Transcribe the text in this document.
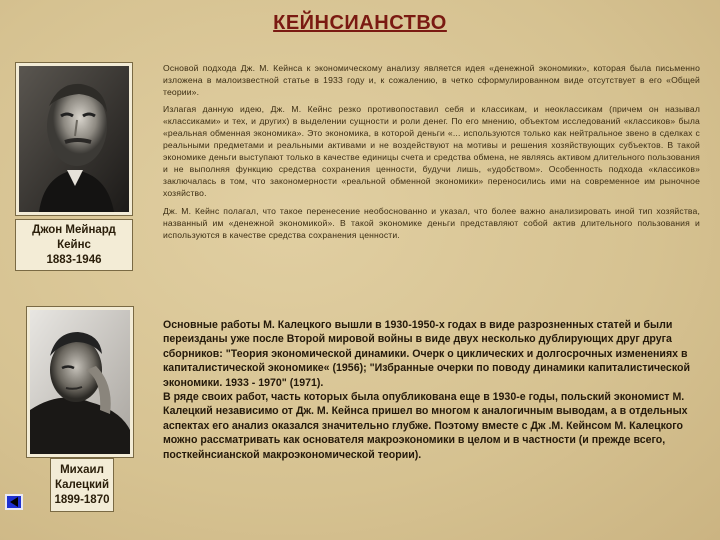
КЕЙНСИАНСТВО
Джон Мейнард
Кейнс
1883-1946

Основой подхода Дж. М. Кейнса к экономическому анализу является идея «денежной экономики», которая была письменно изложена в малоизвестной статье в 1933 году и, к сожалению, в четко сформулированном виде отсутствует в его «Общей теории».

Излагая данную идею, Дж. М. Кейнс резко противопоставил себя и классикам, и неоклассикам (причем он называл «классиками» и тех, и других) в выделении сущности и роли денег. По его мнению, объектом исследований «классиков» была «реальная обменная экономика». Это экономика, в которой деньги «... используются только как нейтральное звено в сделках с реальными предметами и реальными активами и не воздействуют на мотивы и решения хозяйствующих субъектов. В такой экономике деньги выступают только в качестве единицы счета и средства обмена, не являясь активом длительного пользования и не выполняя функцию средства сохранения ценности, будучи лишь, «удобством». Особенность подхода «классиков» заключалась в том, что закономерности «реальной обменной экономики» переносились ими на современное им рыночное хозяйство.

Дж. М. Кейнс полагал, что такое перенесение необоснованно и указал, что более важно анализировать иной тип хозяйства, названный им «денежной экономикой». В такой экономике деньги представляют собой актив длительного пользования и используются в качестве средства сохранения ценности.

Михаил
Калецкий
1899-1870

Основные работы М. Калецкого вышли в 1930-1950-х годах в виде разрозненных статей и были переизданы уже после Второй мировой войны в виде двух несколько дублирующих друг друга сборников: "Теория экономической динамики. Очерк о циклических и долгосрочных изменениях в капиталистической экономике« (1956); "Избранные очерки по поводу динамики капиталистической экономики. 1933 - 1970" (1971).

В ряде своих работ, часть которых была опубликована еще в 1930-е годы, польский экономист М. Калецкий независимо от Дж. М. Кейнса пришел во многом к аналогичным выводам, а в отдельных аспектах его анализ оказался значительно глубже. Поэтому вместе с Дж .М. Кейнсом М. Калецкого можно рассматривать как основателя макроэкономики в целом и в частности (и прежде всего, посткейнсианской макроэкономической теории).
